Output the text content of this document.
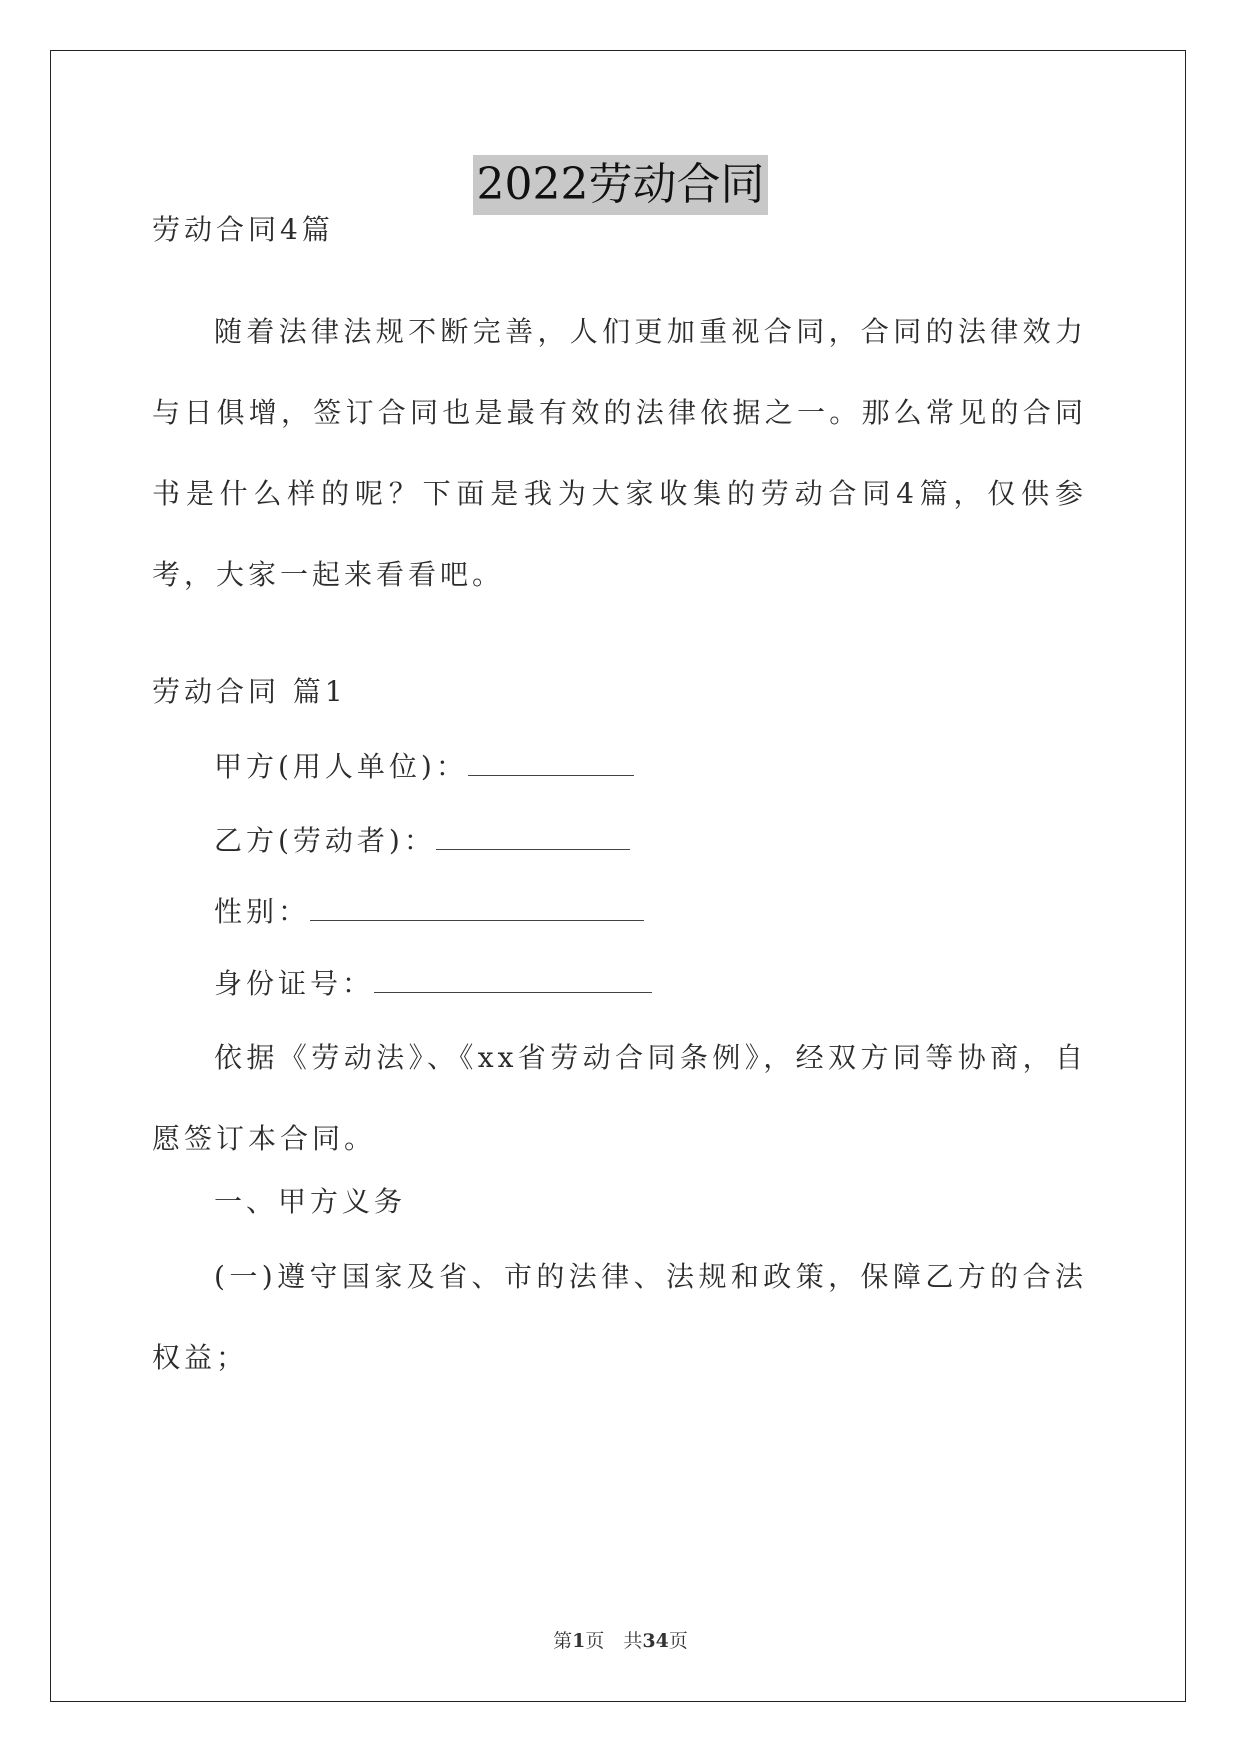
2022劳动合同
劳动合同4篇
随着法律法规不断完善，人们更加重视合同，合同的法律效力与日俱增，签订合同也是最有效的法律依据之一。那么常见的合同书是什么样的呢？下面是我为大家收集的劳动合同4篇，仅供参考，大家一起来看看吧。
劳动合同 篇1
甲方(用人单位)：
乙方(劳动者)：
性别：
身份证号：
依据《劳动法》、《xx省劳动合同条例》，经双方同等协商，自愿签订本合同。
一、甲方义务
(一)遵守国家及省、市的法律、法规和政策，保障乙方的合法权益；
第1页　共34页
